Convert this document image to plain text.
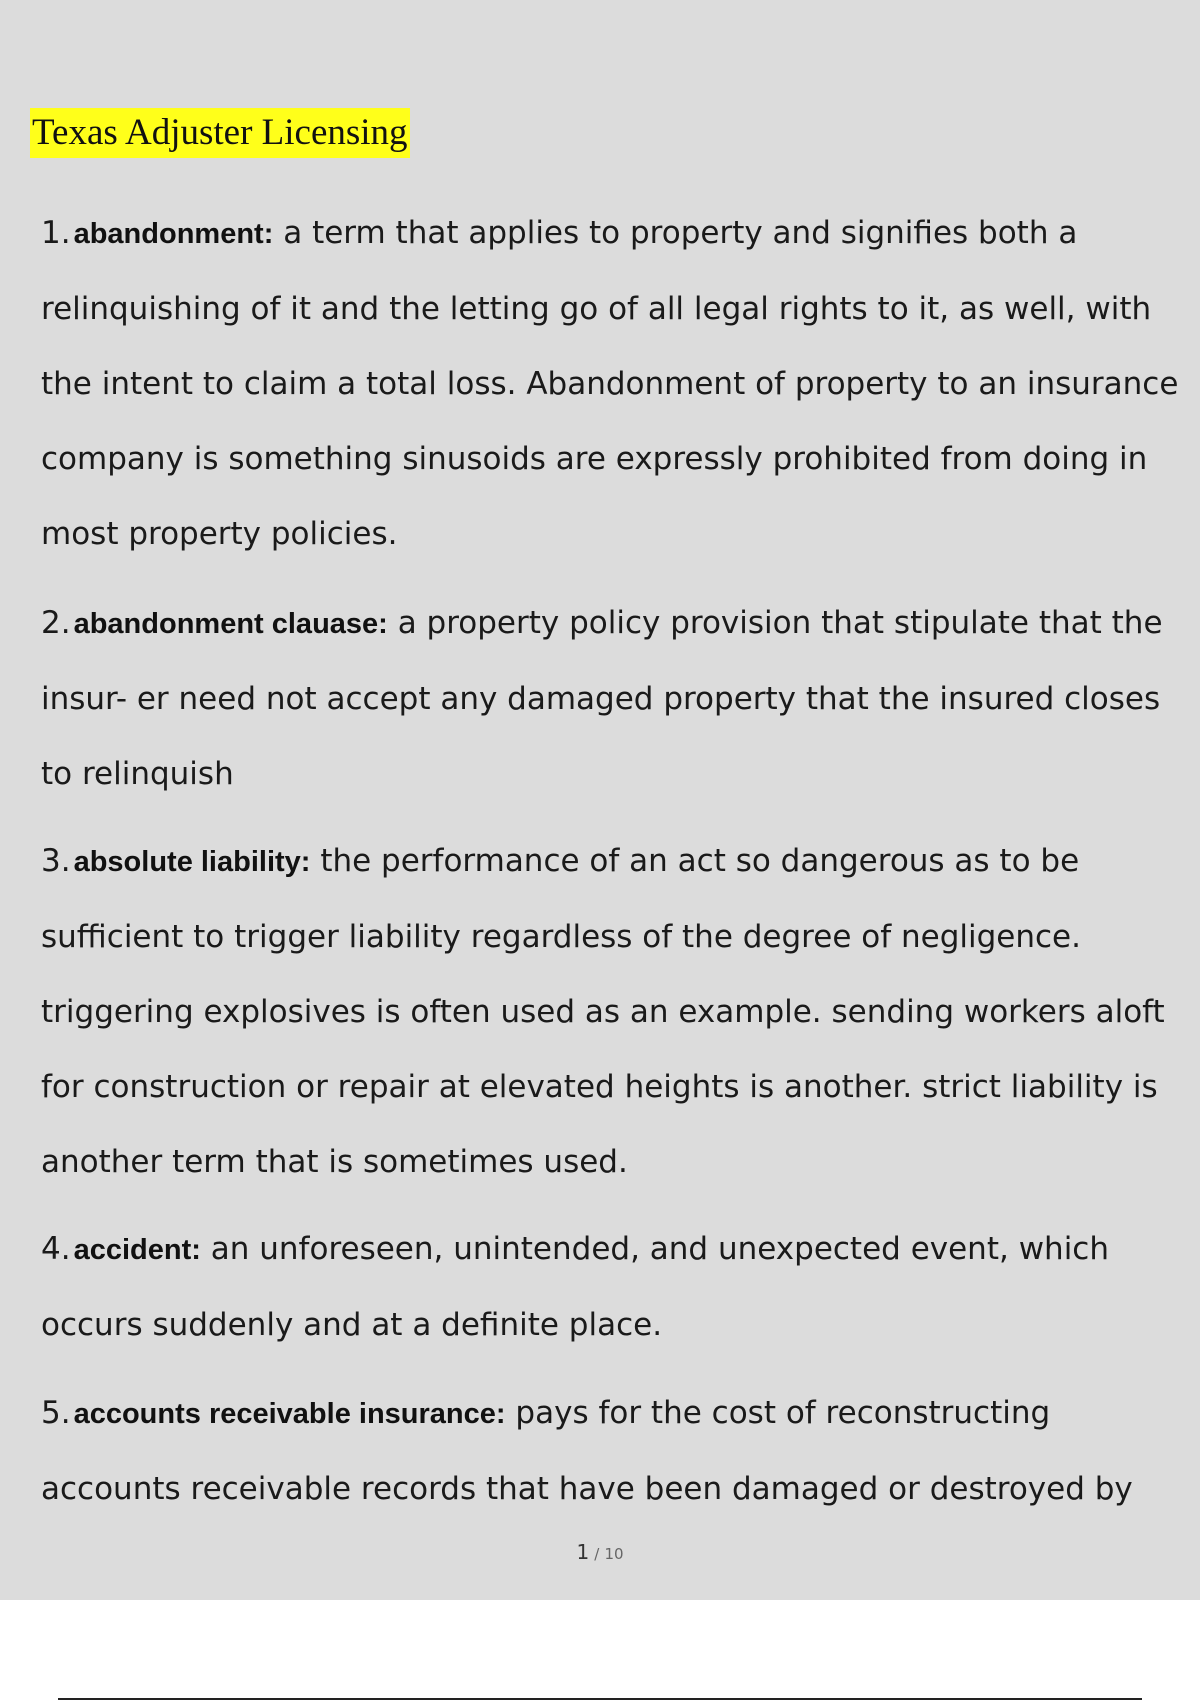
Texas Adjuster Licensing

1. abandonment: a term that applies to property and signifies both a relinquishing of it and the letting go of all legal rights to it, as well, with the intent to claim a total loss. Abandonment of property to an insurance company is something sinusoids are expressly prohibited from doing in most property policies.

2. abandonment clauase: a property policy provision that stipulate that the insur- er need not accept any damaged property that the insured closes to relinquish

3. absolute liability: the performance of an act so dangerous as to be sufficient to trigger liability regardless of the degree of negligence. triggering explosives is often used as an example. sending workers aloft for construction or repair at elevated heights is another. strict liability is another term that is sometimes used.

4. accident: an unforeseen, unintended, and unexpected event, which occurs suddenly and at a definite place.

5. accounts receivable insurance: pays for the cost of reconstructing accounts receivable records that have been damaged or destroyed by

1 / 10
